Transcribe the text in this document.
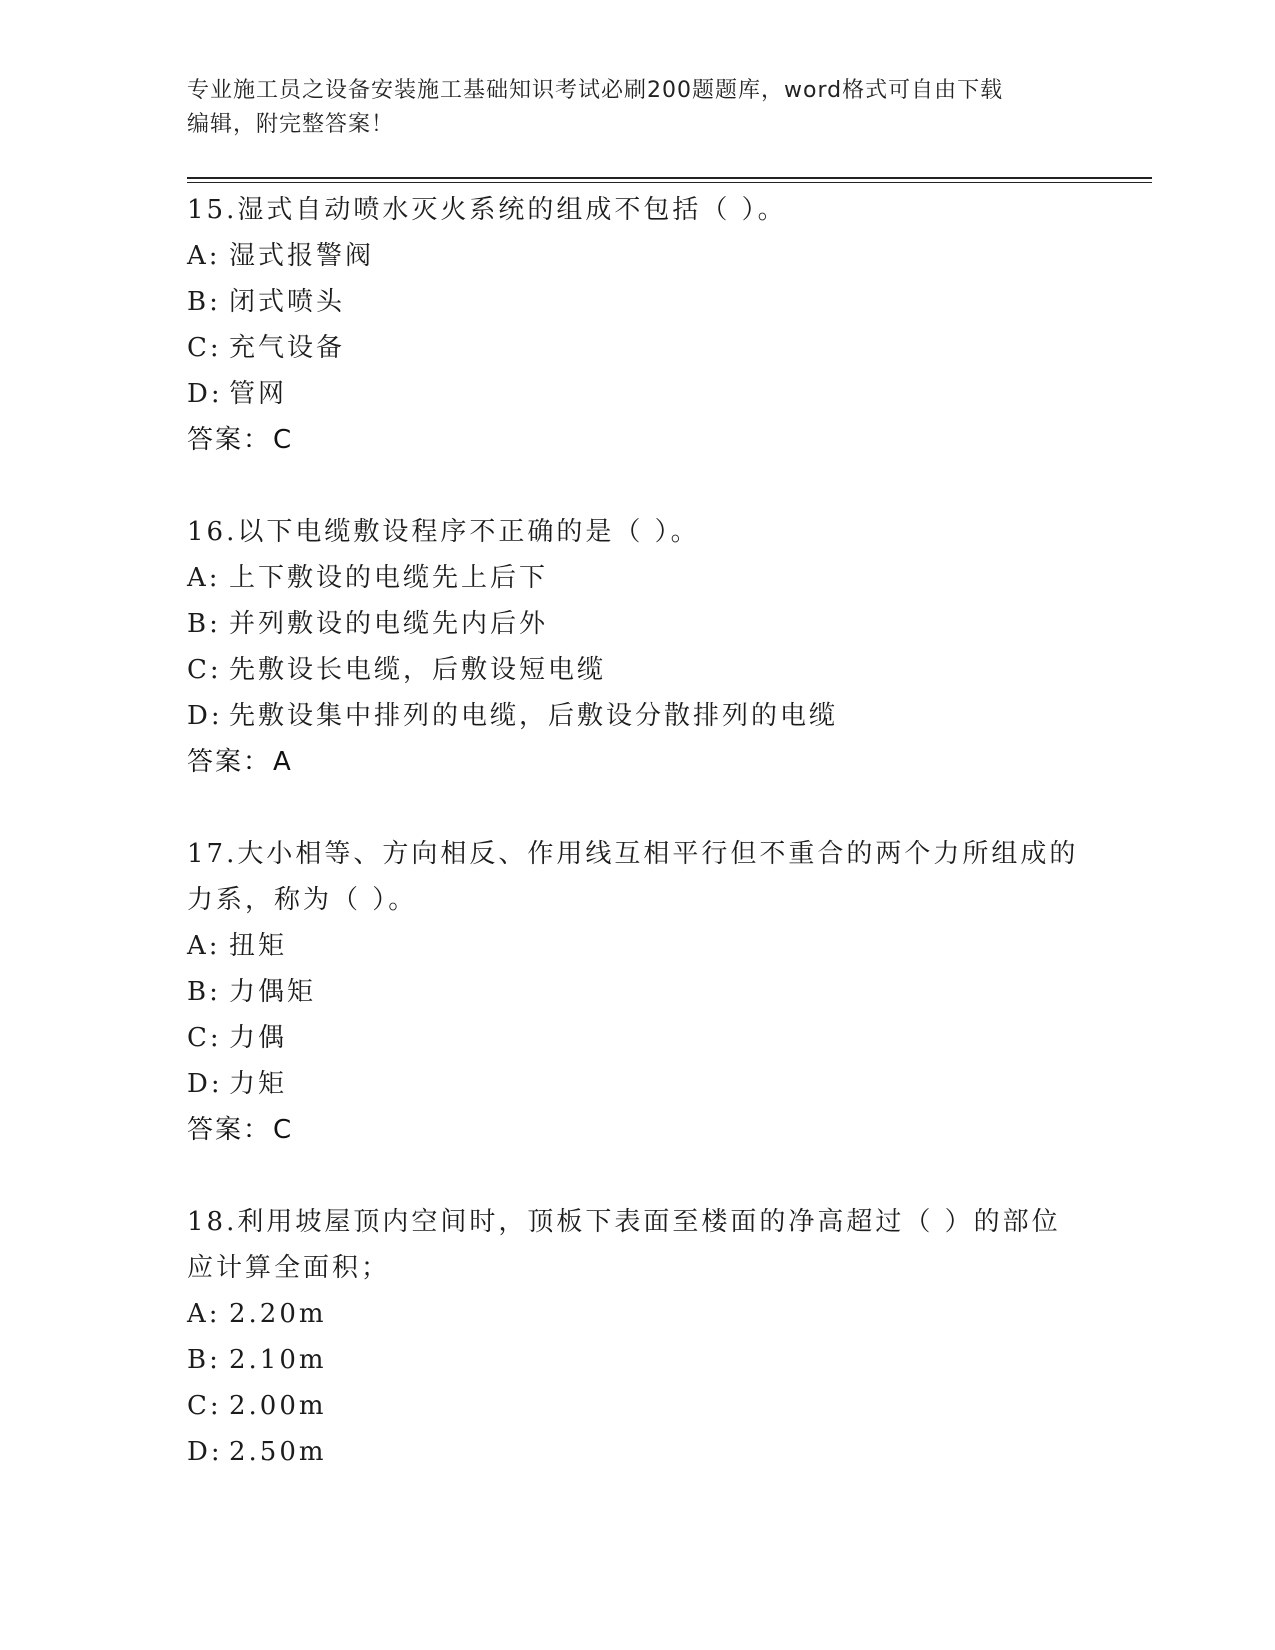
专业施工员之设备安装施工基础知识考试必刷200题题库，word格式可自由下载
编辑，附完整答案！
15.湿式自动喷水灭火系统的组成不包括（ ）。
A: 湿式报警阀
B: 闭式喷头
C: 充气设备
D: 管网
答案：C
16.以下电缆敷设程序不正确的是（ ）。
A: 上下敷设的电缆先上后下
B: 并列敷设的电缆先内后外
C: 先敷设长电缆，后敷设短电缆
D: 先敷设集中排列的电缆，后敷设分散排列的电缆
答案：A
17.大小相等、方向相反、作用线互相平行但不重合的两个力所组成的
力系，称为（ ）。
A: 扭矩
B: 力偶矩
C: 力偶
D: 力矩
答案：C
18.利用坡屋顶内空间时，顶板下表面至楼面的净高超过（ ）的部位
应计算全面积；
A: 2.20m
B: 2.10m
C: 2.00m
D: 2.50m
